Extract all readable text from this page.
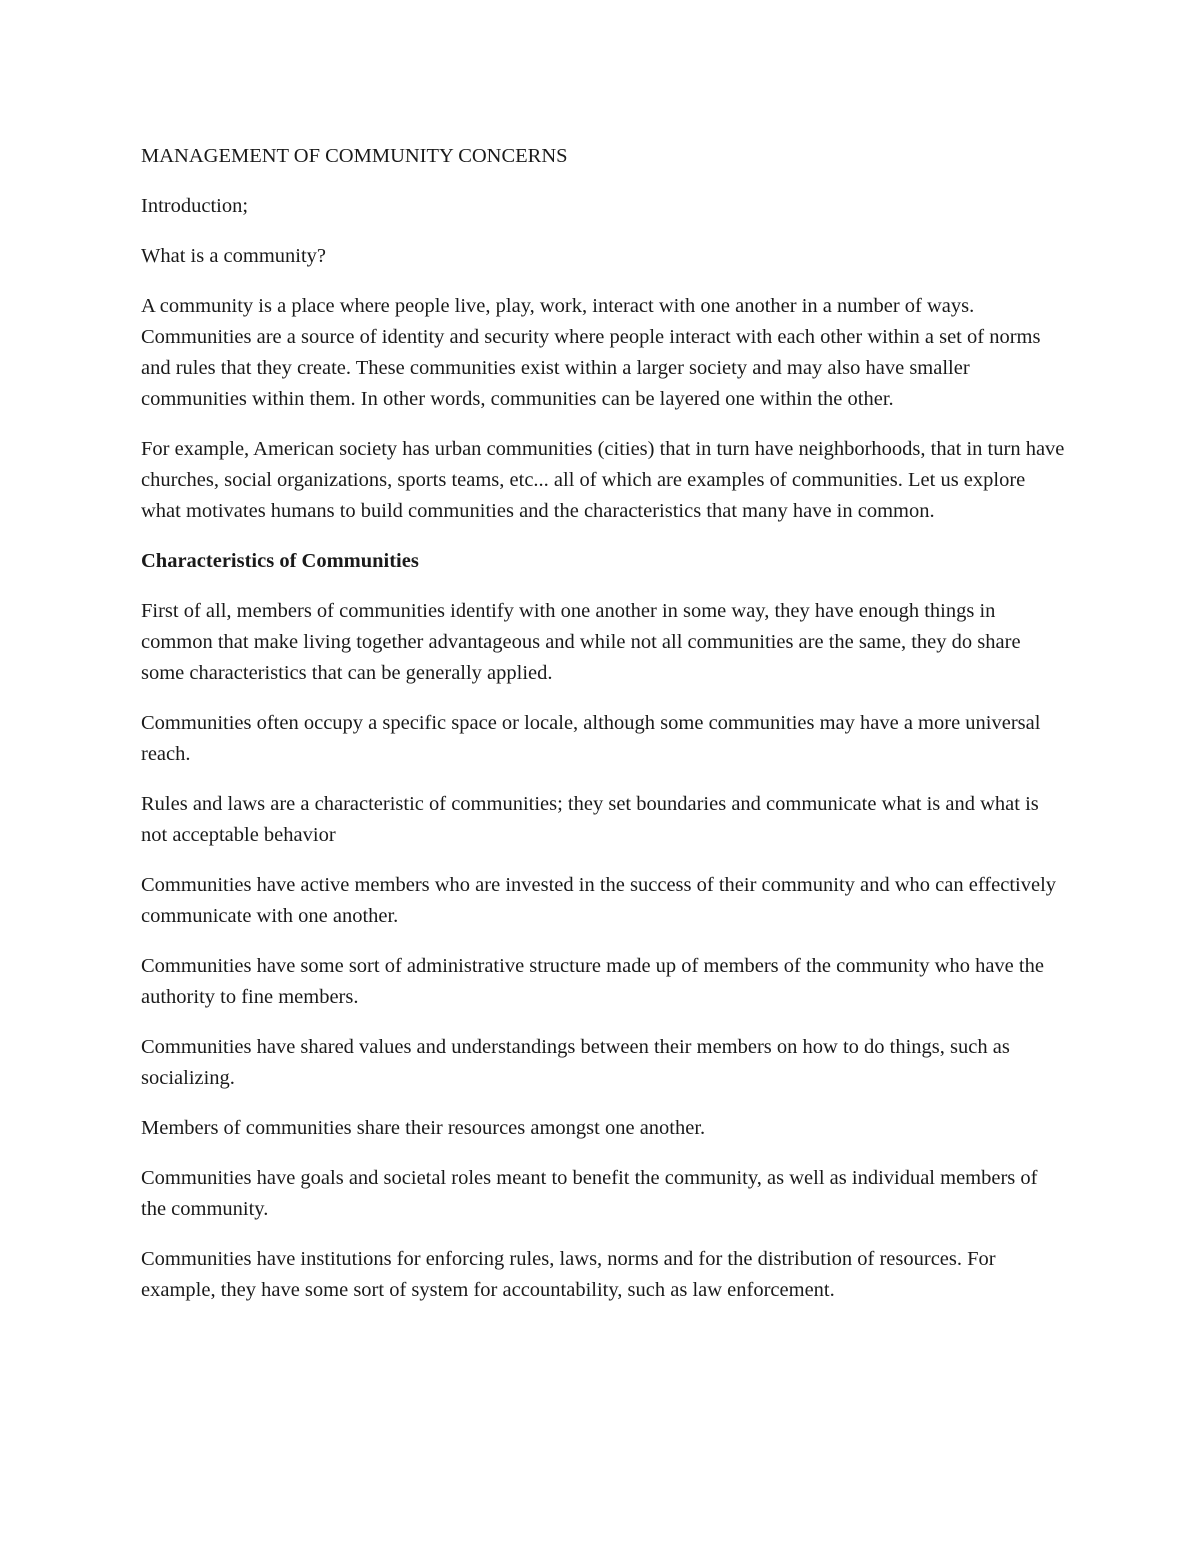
MANAGEMENT OF COMMUNITY CONCERNS

Introduction;

What is a community?

A community is a place where people live, play, work, interact with one another in a number of ways. Communities are a source of identity and security where people interact with each other within a set of norms and rules that they create. These communities exist within a larger society and may also have smaller communities within them. In other words, communities can be layered one within the other.

For example, American society has urban communities (cities) that in turn have neighborhoods, that in turn have churches, social organizations, sports teams, etc... all of which are examples of communities. Let us explore what motivates humans to build communities and the characteristics that many have in common.

Characteristics of Communities

First of all, members of communities identify with one another in some way, they have enough things in common that make living together advantageous and while not all communities are the same, they do share some characteristics that can be generally applied.

Communities often occupy a specific space or locale, although some communities may have a more universal reach.

Rules and laws are a characteristic of communities; they set boundaries and communicate what is and what is not acceptable behavior

Communities have active members who are invested in the success of their community and who can effectively communicate with one another.

Communities have some sort of administrative structure made up of members of the community who have the authority to fine members.

Communities have shared values and understandings between their members on how to do things, such as socializing.

Members of communities share their resources amongst one another.

Communities have goals and societal roles meant to benefit the community, as well as individual members of the community.

Communities have institutions for enforcing rules, laws, norms and for the distribution of resources. For example, they have some sort of system for accountability, such as law enforcement.
